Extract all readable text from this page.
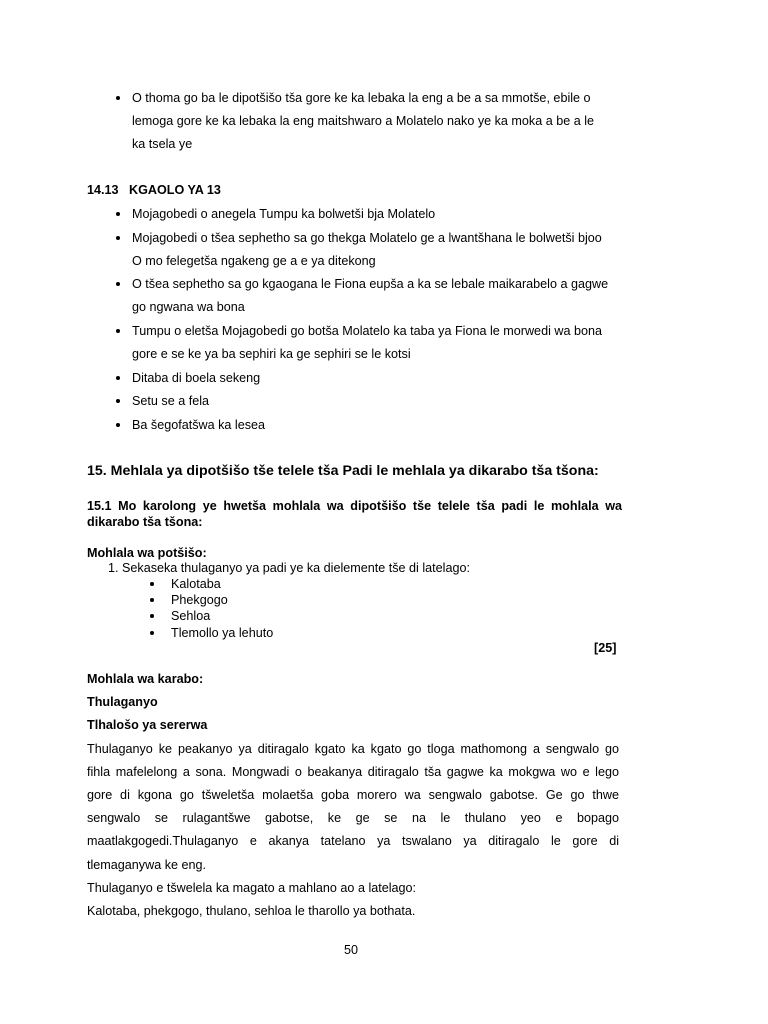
O thoma go ba le dipotšišo tša gore ke ka lebaka la eng a be a sa mmotše, ebile o
lemoga gore ke ka lebaka la eng maitshwaro a Molatelo nako ye ka moka a be a le
ka tsela ye
14.13 KGAOLO YA 13
Mojagobedi o anegela Tumpu ka bolwetši bja Molatelo
Mojagobedi o tšea sephetho sa go thekga Molatelo ge a lwantšhana le bolwetši bjoo
O mo felegetša ngakeng ge a e ya ditekong
O tšea sephetho sa go kgaogana le Fiona eupša a ka se lebale maikarabelo a gagwe
go ngwana wa bona
Tumpu o eletša Mojagobedi go botša Molatelo ka taba ya Fiona le morwedi wa bona
gore e se ke ya ba sephiri ka ge sephiri se le kotsi
Ditaba di boela sekeng
Setu se a fela
Ba šegofatšwa ka lesea
15. Mehlala ya dipotšišo tše telele tša Padi le mehlala ya dikarabo tša tšona:
15.1 Mo karolong ye hwetša mohlala wa dipotšišo tše telele tša padi le mohlala wa
dikarabo tša tšona:
Mohlala wa potšišo:
1. Sekaseka thulaganyo ya padi ye ka dielemente tše di latelago:
Kalotaba
Phekgogo
Sehloa
Tlemollo ya lehuto
[25]
Mohlala wa karabo:
Thulaganyo
Tlhalošo ya sererwa
Thulaganyo ke peakanyo ya ditiragalo kgato ka kgato go tloga mathomong a sengwalo go
fihla mafelelong a sona. Mongwadi o beakanya ditiragalo tša gagwe ka mokgwa wo e lego
gore di kgona go tšweletša molaetša goba morero wa sengwalo gabotse. Ge go thwe
sengwalo se rulagantšwe gabotse, ke ge se na le thulano yeo e bopago
maatlakgogedi.Thulaganyo e akanya tatelano ya tswalano ya ditiragalo le gore di
tlemaganywa ke eng.
Thulaganyo e tšwelela ka magato a mahlano ao a latelago:
Kalotaba, phekgogo, thulano, sehloa le tharollo ya bothata.
50
